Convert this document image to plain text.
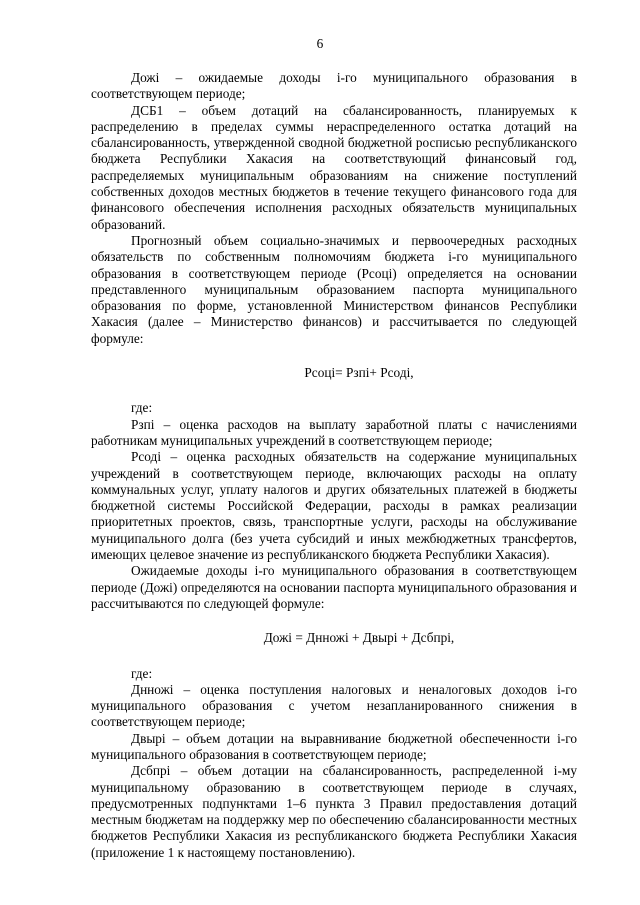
6

Дожі – ожидаемые доходы і-го муниципального образования в соответствующем периоде;

ДСБ1 – объем дотаций на сбалансированность, планируемых к распределению в пределах суммы нераспределенного остатка дотаций на сбалансированность, утвержденной сводной бюджетной росписью республиканского бюджета Республики Хакасия на соответствующий финансовый год, распределяемых муниципальным образованиям на снижение поступлений собственных доходов местных бюджетов в течение текущего финансового года для финансового обеспечения исполнения расходных обязательств муниципальных образований.

Прогнозный объем социально-значимых и первоочередных расходных обязательств по собственным полномочиям бюджета і-го муниципального образования в соответствующем периоде (Рсоці) определяется на основании представленного муниципальным образованием паспорта муниципального образования по форме, установленной Министерством финансов Республики Хакасия (далее – Министерство финансов) и рассчитывается по следующей формуле:

Рсоці= Рзпі+ Рсоді,

где:

Рзпі – оценка расходов на выплату заработной платы с начислениями работникам муниципальных учреждений в соответствующем периоде;

Рсоді – оценка расходных обязательств на содержание муниципальных учреждений в соответствующем периоде, включающих расходы на оплату коммунальных услуг, уплату налогов и других обязательных платежей в бюджеты бюджетной системы Российской Федерации, расходы в рамках реализации приоритетных проектов, связь, транспортные услуги, расходы на обслуживание муниципального долга (без учета субсидий и иных межбюджетных трансфертов, имеющих целевое значение из республиканского бюджета Республики Хакасия).

Ожидаемые доходы і-го муниципального образования в соответствующем периоде (Дожі) определяются на основании паспорта муниципального образования и рассчитываются по следующей формуле:

Дожі = Днножі + Двырі + Дсбпрі,

где:

Днножі – оценка поступления налоговых и неналоговых доходов і-го муниципального образования с учетом незапланированного снижения в соответствующем периоде;

Двырі – объем дотации на выравнивание бюджетной обеспеченности і-го муниципального образования в соответствующем периоде;

Дсбпрі – объем дотации на сбалансированность, распределенной і-му муниципальному образованию в соответствующем периоде в случаях, предусмотренных подпунктами 1–6 пункта 3 Правил предоставления дотаций местным бюджетам на поддержку мер по обеспечению сбалансированности местных бюджетов Республики Хакасия из республиканского бюджета Республики Хакасия (приложение 1 к настоящему постановлению).
